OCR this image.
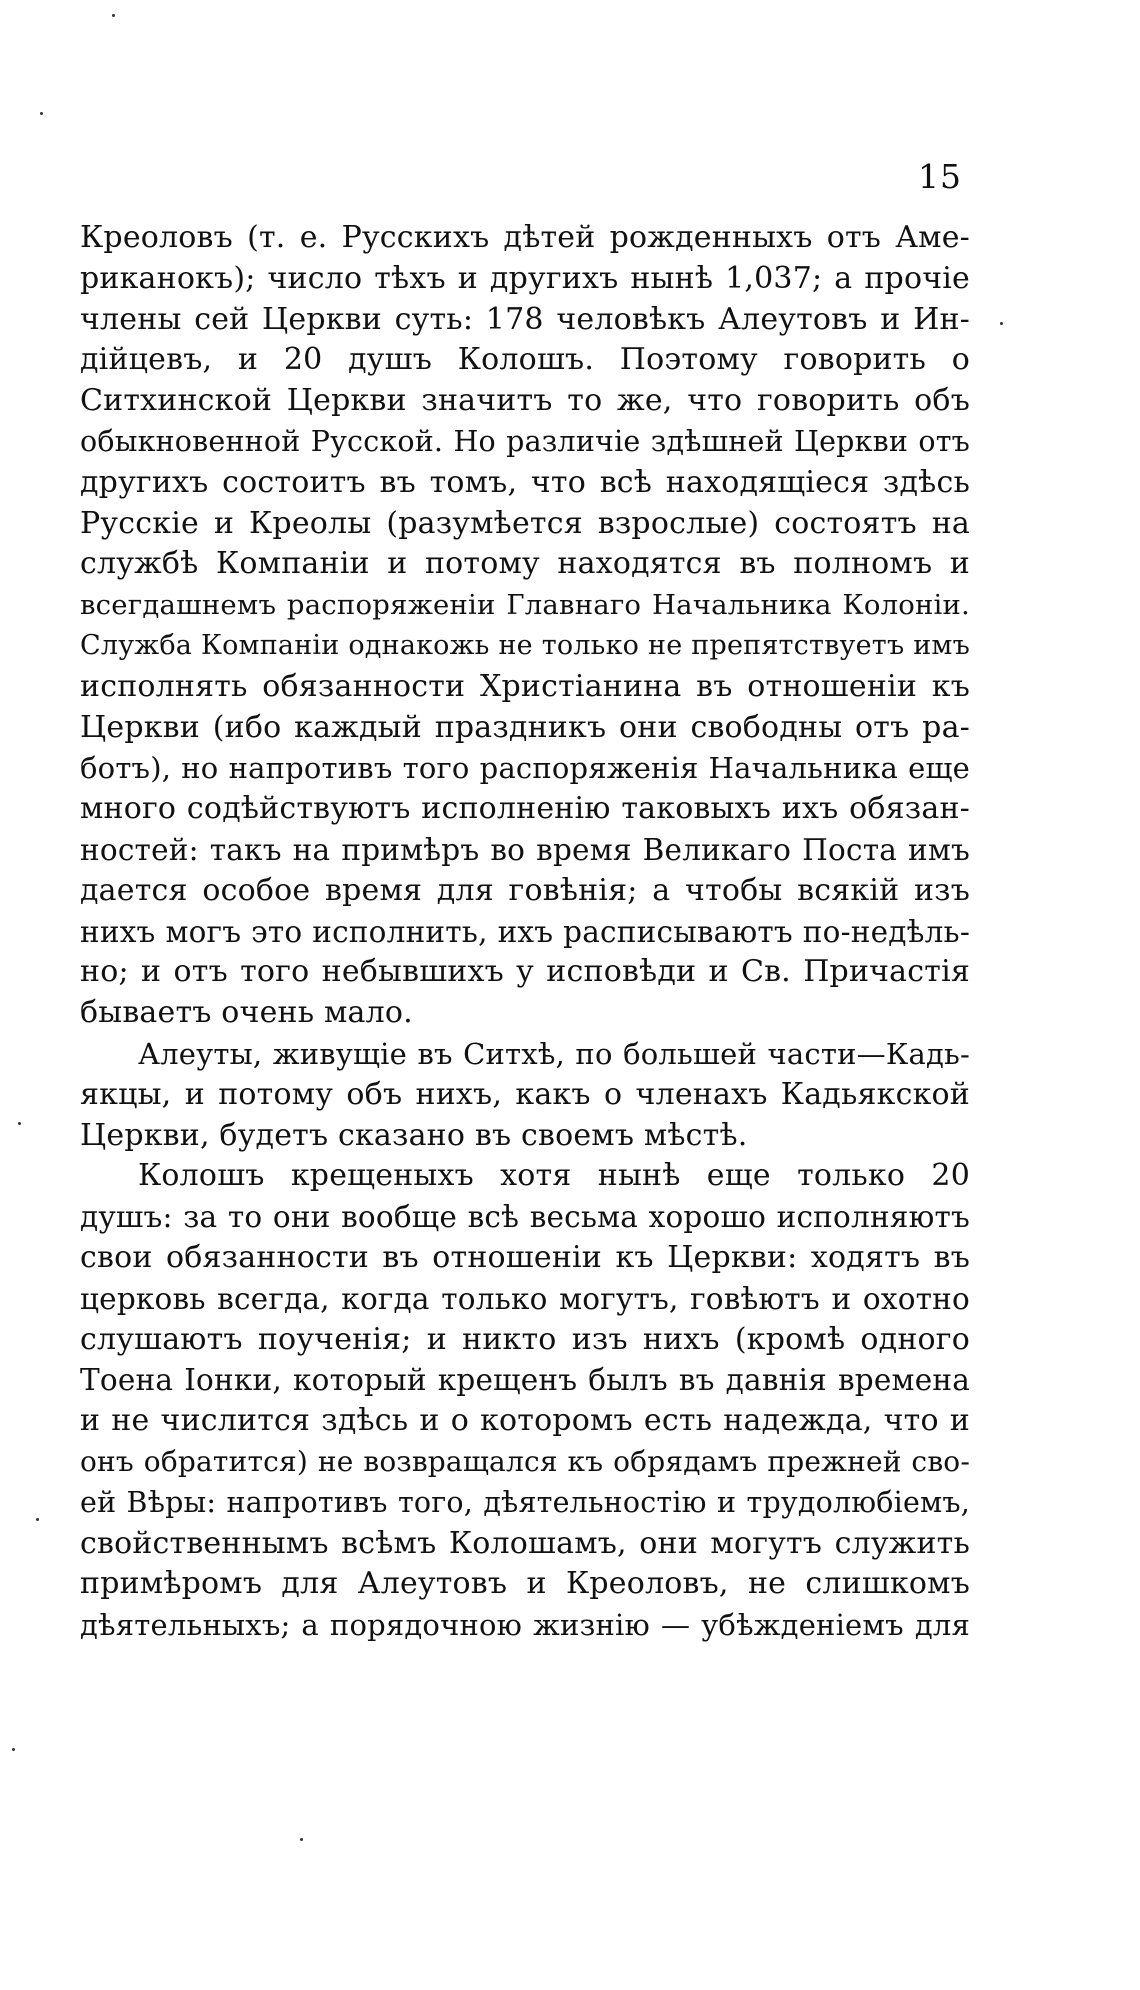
15
Креоловъ (т. е. Русскихъ дѣтей рожденныхъ отъ Аме-
риканокъ); число тѣхъ и другихъ нынѣ 1,037; а прочіе
члены сей Церкви суть: 178 человѣкъ Алеутовъ и Ин-
дійцевъ, и 20 душъ Колошъ. Поэтому говорить о
Ситхинской Церкви значитъ то же, что говорить объ
обыкновенной Русской. Но различіе здѣшней Церкви отъ
другихъ состоитъ въ томъ, что всѣ находящіеся здѣсь
Русскіе и Креолы (разумѣется взрослые) состоятъ на
службѣ Компаніи и потому находятся въ полномъ и
всегдашнемъ распоряженіи Главнаго Начальника Колоніи.
Служба Компаніи однакожь не только не препятствуетъ имъ
исполнять обязанности Христіанина въ отношеніи къ
Церкви (ибо каждый праздникъ они свободны отъ ра-
ботъ), но напротивъ того распоряженія Начальника еще
много содѣйствуютъ исполненію таковыхъ ихъ обязан-
ностей: такъ на примѣръ во время Великаго Поста имъ
дается особое время для говѣнія; а чтобы всякій изъ
нихъ могъ это исполнить, ихъ расписываютъ по-недѣль-
но; и отъ того небывшихъ у исповѣди и Св. Причастія
бываетъ очень мало.
Алеуты, живущіе въ Ситхѣ, по большей части—Кадь-
якцы, и потому объ нихъ, какъ о членахъ Кадьякской
Церкви, будетъ сказано въ своемъ мѣстѣ.
Колошъ крещеныхъ хотя нынѣ еще только 20
душъ: за то они вообще всѣ весьма хорошо исполняютъ
свои обязанности въ отношеніи къ Церкви: ходятъ въ
церковь всегда, когда только могутъ, говѣютъ и охотно
слушаютъ поученія; и никто изъ нихъ (кромѣ одного
Тоена Іонки, который крещенъ былъ въ давнія времена
и не числится здѣсь и о которомъ есть надежда, что и
онъ обратится) не возвращался къ обрядамъ прежней сво-
ей Вѣры: напротивъ того, дѣятельностію и трудолюбіемъ,
свойственнымъ всѣмъ Колошамъ, они могутъ служить
примѣромъ для Алеутовъ и Креоловъ, не слишкомъ
дѣятельныхъ; а порядочною жизнію — убѣжденіемъ для
